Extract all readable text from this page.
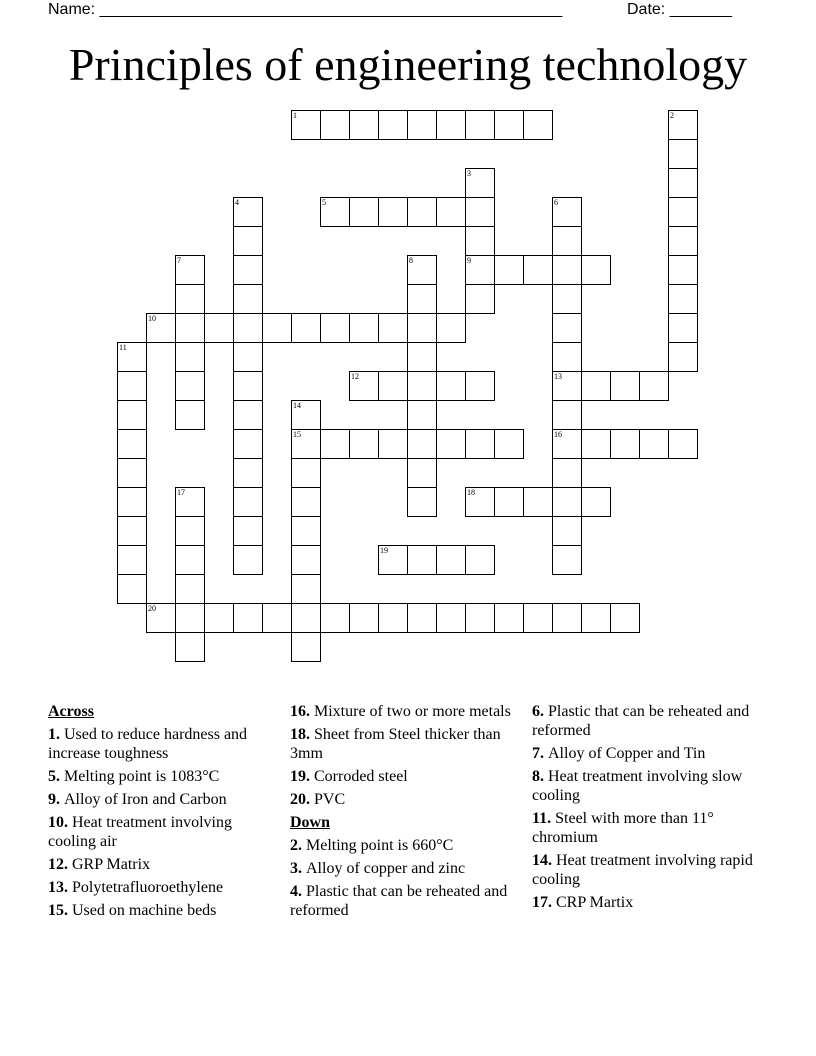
Name: ____________________________________________________	Date: _______
Principles of engineering technology
1	2
3
9
4	5	6
13
16
7	8
10
11
12
14
15
17	18
19
20
Across
1. Used to reduce hardness and increase toughness
5. Melting point is 1083°C
9. Alloy of Iron and Carbon
10. Heat treatment involving cooling air
12. GRP Matrix
13. Polytetrafluoroethylene
15. Used on machine beds
16. Mixture of two or more metals
18. Sheet from Steel thicker than 3mm
19. Corroded steel
20. PVC
Down
2. Melting point is 660°C
3. Alloy of copper and zinc
4. Plastic that can be reheated and reformed
6. Plastic that can be reheated and reformed
7. Alloy of Copper and Tin
8. Heat treatment involving slow cooling
11. Steel with more than 11° chromium
14. Heat treatment involving rapid cooling
17. CRP Martix
